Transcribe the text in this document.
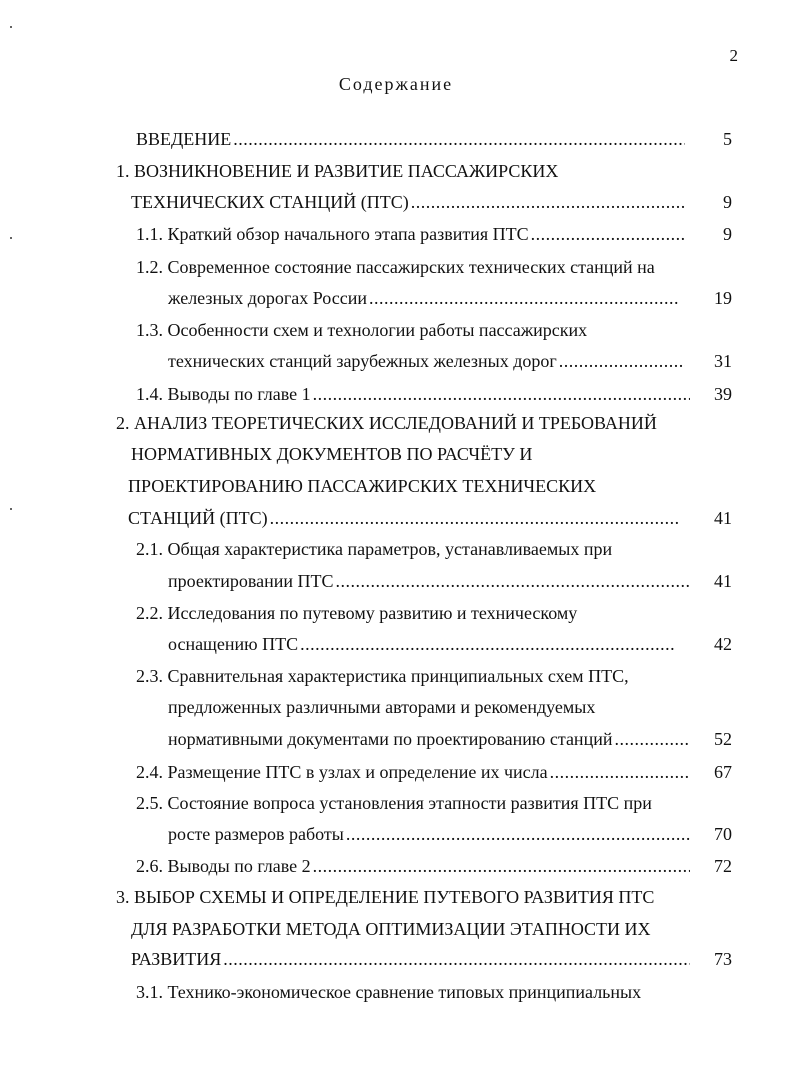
2
Содержание
5
ВВЕДЕНИЕ
.....
1. ВОЗНИКНОВЕНИЕ И РАЗВИТИЕ ПАССАЖИРСКИХ
9
ТЕХНИЧЕСКИХ СТАНЦИЙ (ПТС)
.....
9
1.1. Краткий обзор начального этапа развития ПТС
.....
1.2. Современное состояние пассажирских технических станций на
19
железных дорогах России
.....
1.3. Особенности схем и технологии работы пассажирских
31
технических станций зарубежных железных дорог
.....
39
1.4. Выводы по главе 1
.....
2. АНАЛИЗ ТЕОРЕТИЧЕСКИХ ИССЛЕДОВАНИЙ И ТРЕБОВАНИЙ
НОРМАТИВНЫХ ДОКУМЕНТОВ ПО РАСЧЁТУ И
ПРОЕКТИРОВАНИЮ ПАССАЖИРСКИХ ТЕХНИЧЕСКИХ
41
СТАНЦИЙ (ПТС)
.....
2.1. Общая характеристика параметров, устанавливаемых при
41
проектировании ПТС
.....
2.2. Исследования по путевому развитию и техническому
42
оснащению ПТС
.....
2.3. Сравнительная характеристика принципиальных схем ПТС,
предложенных различными авторами и рекомендуемых
52
нормативными документами по проектированию станций
.....
67
2.4. Размещение ПТС в узлах и определение их числа
.....
2.5. Состояние вопроса установления этапности развития ПТС при
70
росте размеров работы
.....
72
2.6. Выводы по главе 2
.....
3. ВЫБОР СХЕМЫ И ОПРЕДЕЛЕНИЕ ПУТЕВОГО РАЗВИТИЯ ПТС
ДЛЯ РАЗРАБОТКИ МЕТОДА ОПТИМИЗАЦИИ ЭТАПНОСТИ ИХ
73
РАЗВИТИЯ
.....
3.1. Технико-экономическое сравнение типовых принципиальных
